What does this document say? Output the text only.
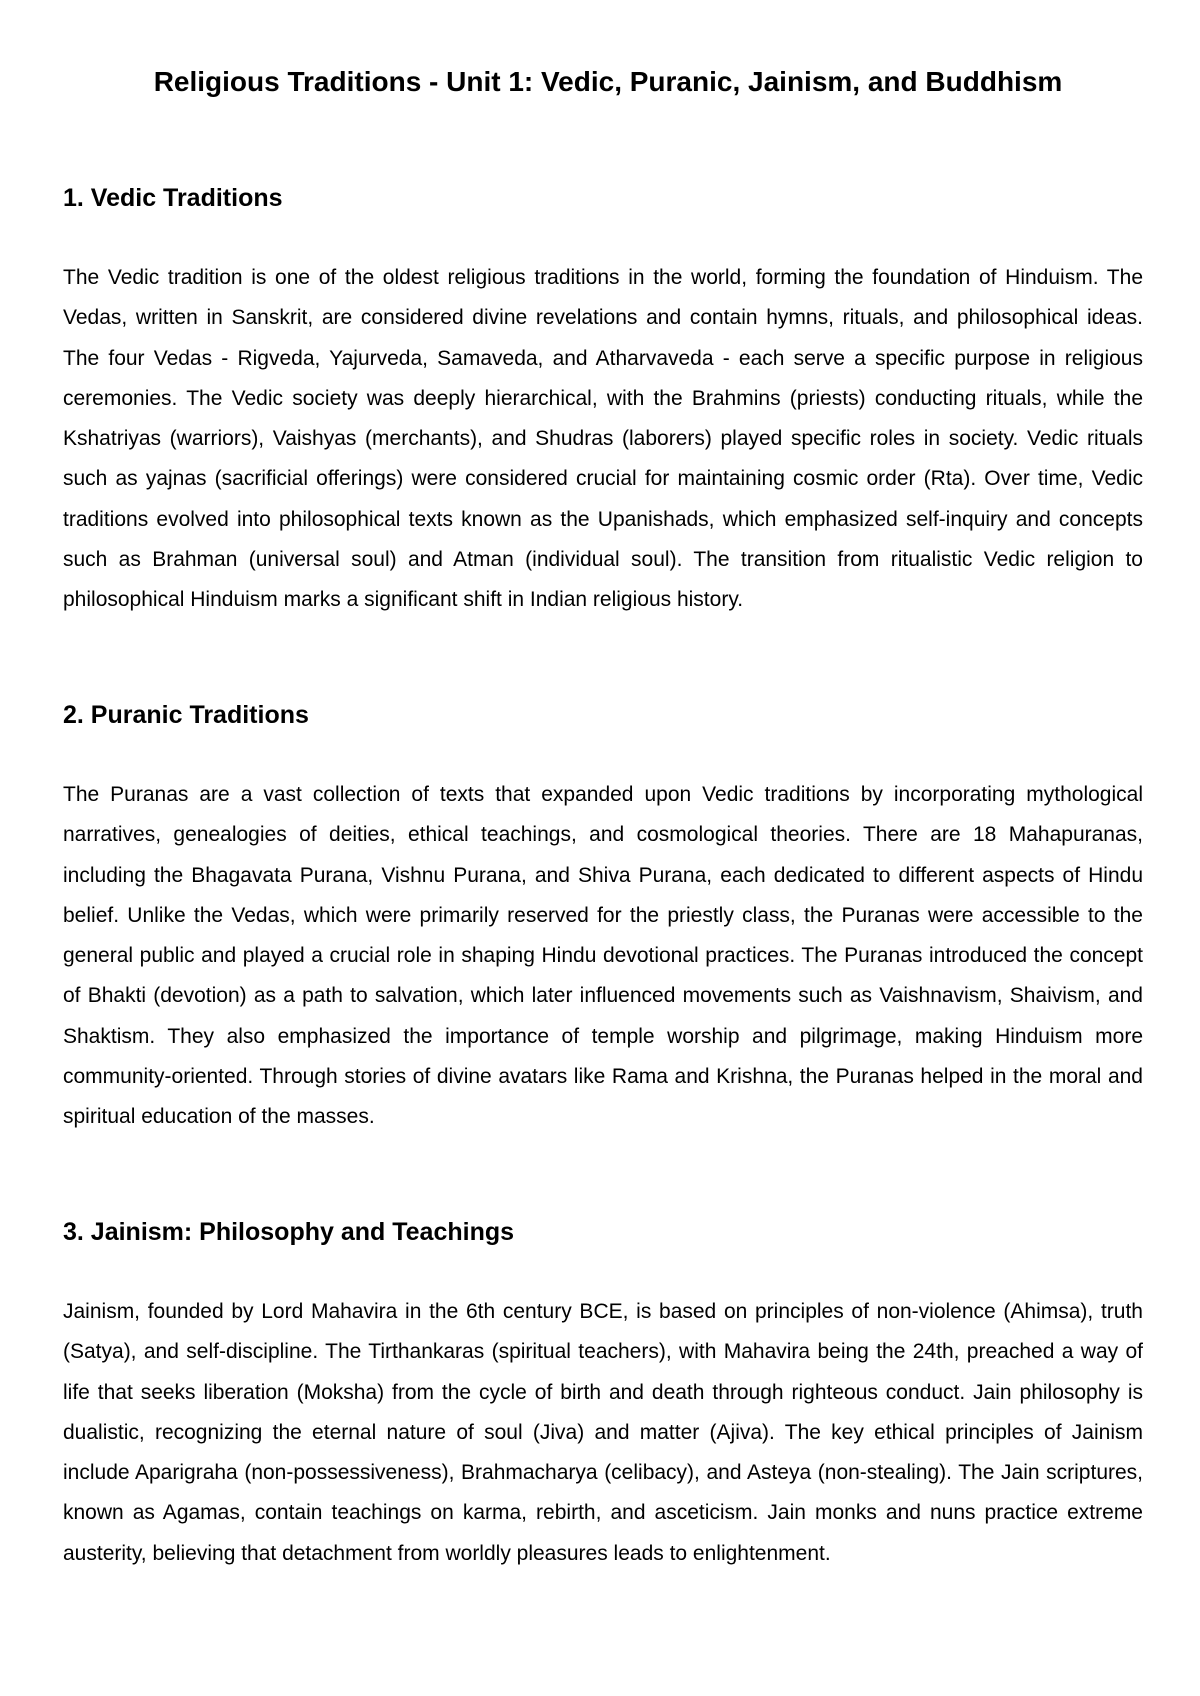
Religious Traditions - Unit 1: Vedic, Puranic, Jainism, and Buddhism
1. Vedic Traditions

The Vedic tradition is one of the oldest religious traditions in the world, forming the foundation of Hinduism. The Vedas, written in Sanskrit, are considered divine revelations and contain hymns, rituals, and philosophical ideas. The four Vedas - Rigveda, Yajurveda, Samaveda, and Atharvaveda - each serve a specific purpose in religious ceremonies. The Vedic society was deeply hierarchical, with the Brahmins (priests) conducting rituals, while the Kshatriyas (warriors), Vaishyas (merchants), and Shudras (laborers) played specific roles in society. Vedic rituals such as yajnas (sacrificial offerings) were considered crucial for maintaining cosmic order (Rta). Over time, Vedic traditions evolved into philosophical texts known as the Upanishads, which emphasized self-inquiry and concepts such as Brahman (universal soul) and Atman (individual soul). The transition from ritualistic Vedic religion to philosophical Hinduism marks a significant shift in Indian religious history.

2. Puranic Traditions

The Puranas are a vast collection of texts that expanded upon Vedic traditions by incorporating mythological narratives, genealogies of deities, ethical teachings, and cosmological theories. There are 18 Mahapuranas, including the Bhagavata Purana, Vishnu Purana, and Shiva Purana, each dedicated to different aspects of Hindu belief. Unlike the Vedas, which were primarily reserved for the priestly class, the Puranas were accessible to the general public and played a crucial role in shaping Hindu devotional practices. The Puranas introduced the concept of Bhakti (devotion) as a path to salvation, which later influenced movements such as Vaishnavism, Shaivism, and Shaktism. They also emphasized the importance of temple worship and pilgrimage, making Hinduism more community-oriented. Through stories of divine avatars like Rama and Krishna, the Puranas helped in the moral and spiritual education of the masses.

3. Jainism: Philosophy and Teachings

Jainism, founded by Lord Mahavira in the 6th century BCE, is based on principles of non-violence (Ahimsa), truth (Satya), and self-discipline. The Tirthankaras (spiritual teachers), with Mahavira being the 24th, preached a way of life that seeks liberation (Moksha) from the cycle of birth and death through righteous conduct. Jain philosophy is dualistic, recognizing the eternal nature of soul (Jiva) and matter (Ajiva). The key ethical principles of Jainism include Aparigraha (non-possessiveness), Brahmacharya (celibacy), and Asteya (non-stealing). The Jain scriptures, known as Agamas, contain teachings on karma, rebirth, and asceticism. Jain monks and nuns practice extreme austerity, believing that detachment from worldly pleasures leads to enlightenment.
